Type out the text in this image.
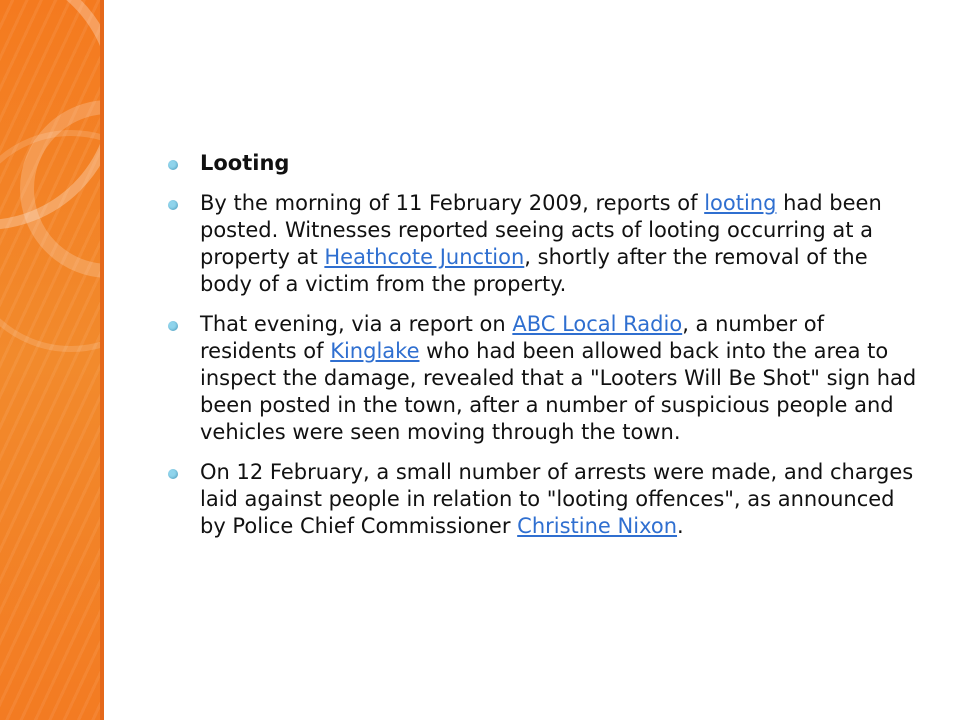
Looting
By the morning of 11 February 2009, reports of looting had been posted. Witnesses reported seeing acts of looting occurring at a property at Heathcote Junction, shortly after the removal of the body of a victim from the property.
That evening, via a report on ABC Local Radio, a number of residents of Kinglake who had been allowed back into the area to inspect the damage, revealed that a "Looters Will Be Shot" sign had been posted in the town, after a number of suspicious people and vehicles were seen moving through the town.
On 12 February, a small number of arrests were made, and charges laid against people in relation to "looting offences", as announced by Police Chief Commissioner Christine Nixon.
